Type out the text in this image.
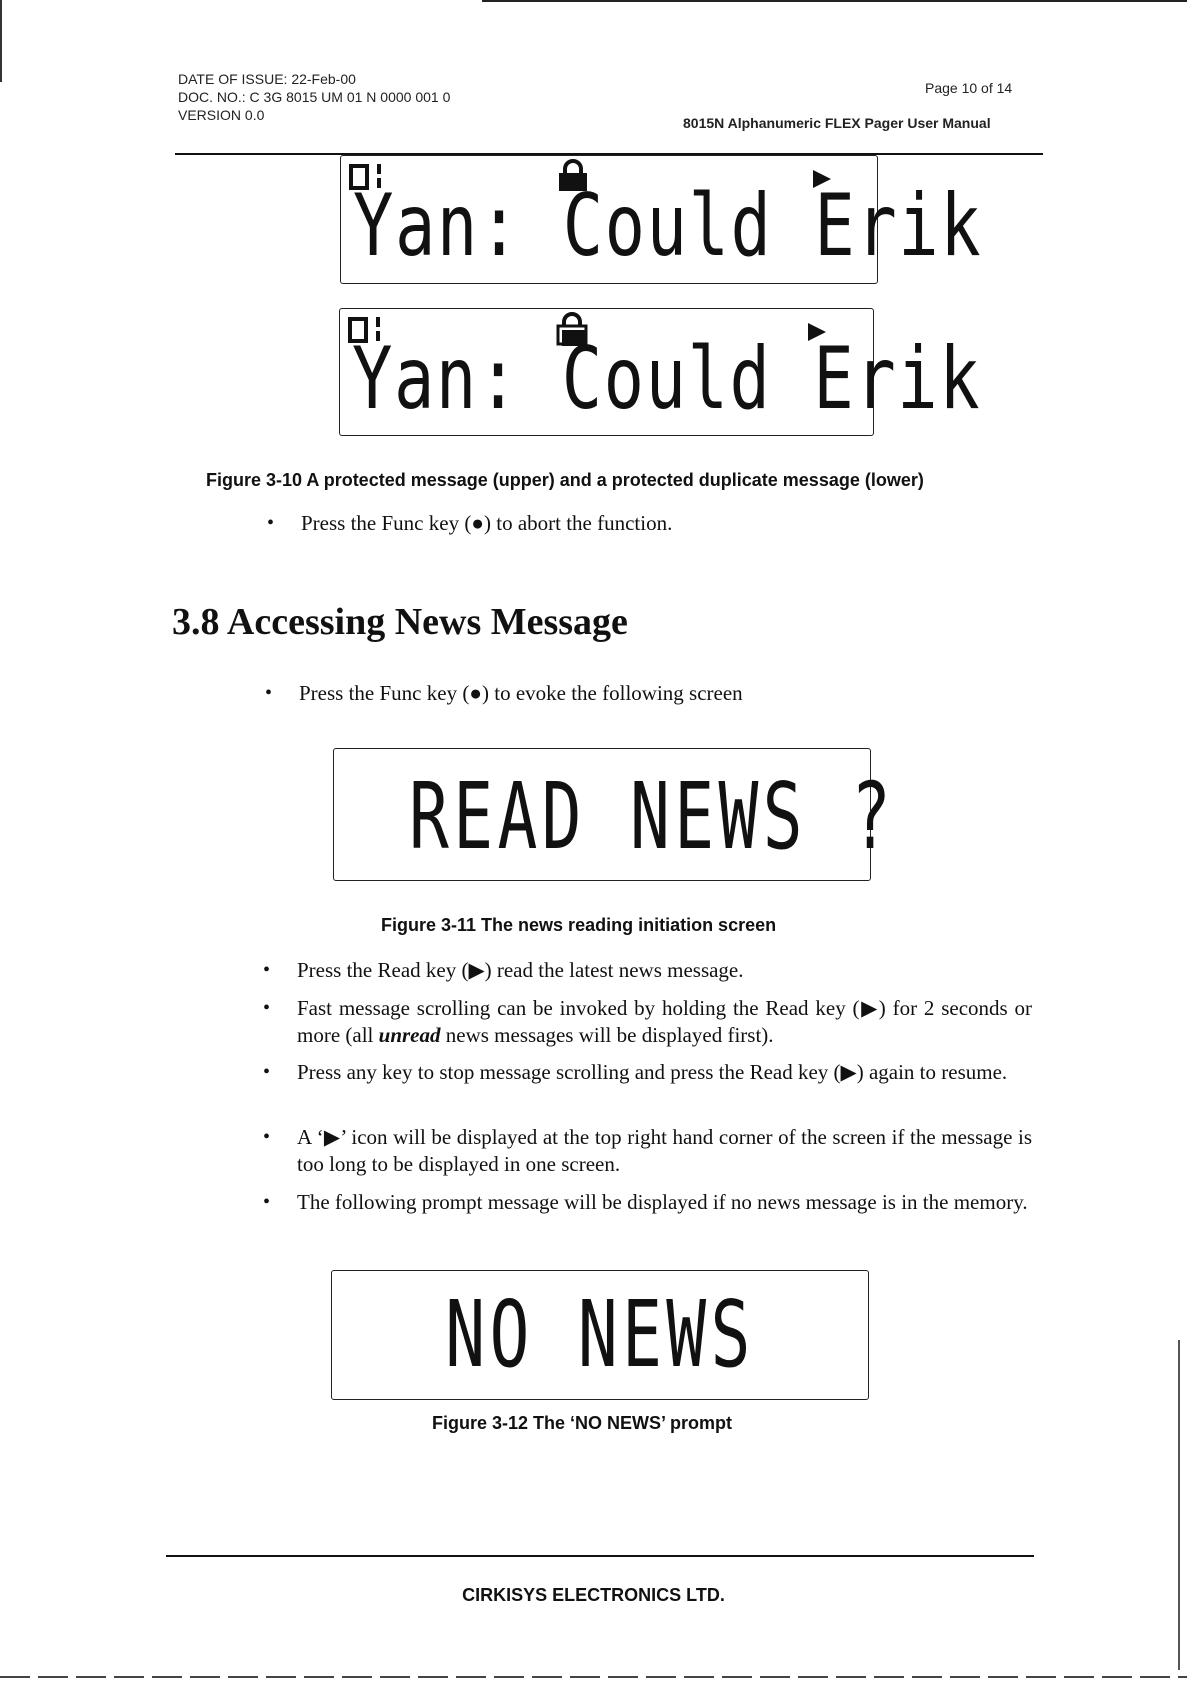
DATE OF ISSUE: 22-Feb-00
DOC. NO.: C 3G 8015 UM 01 N 0000 001 0
VERSION 0.0
Page 10 of 14
8015N Alphanumeric FLEX Pager User Manual
Yan: Could Erik
Yan: Could Erik
Figure 3-10 A protected message (upper) and a protected duplicate message (lower)
• Press the Func key (●) to abort the function.
3.8 Accessing News Message
• Press the Func key (●) to evoke the following screen
READ NEWS ?
Figure 3-11 The news reading initiation screen
• Press the Read key (▶) read the latest news message.
• Fast message scrolling can be invoked by holding the Read key (▶) for 2 seconds or more (all unread news messages will be displayed first).
• Press any key to stop message scrolling and press the Read key (▶) again to resume.
• A ‘▶’ icon will be displayed at the top right hand corner of the screen if the message is too long to be displayed in one screen.
• The following prompt message will be displayed if no news message is in the memory.
NO NEWS
Figure 3-12 The ‘NO NEWS’ prompt
CIRKISYS ELECTRONICS LTD.
